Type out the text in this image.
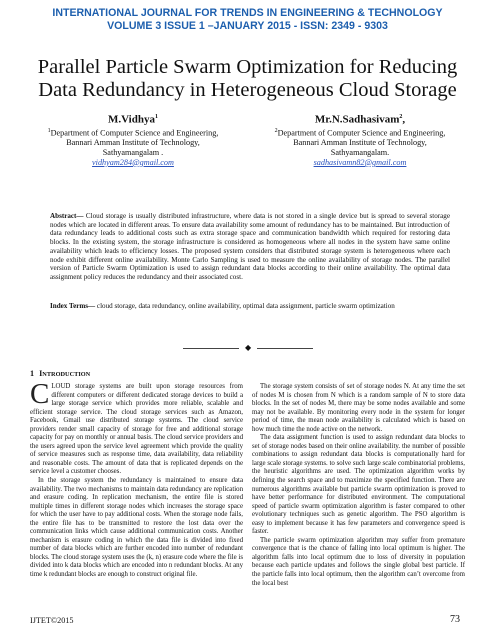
INTERNATIONAL JOURNAL FOR TRENDS IN ENGINEERING & TECHNOLOGY
VOLUME 3 ISSUE 1 –JANUARY 2015 - ISSN: 2349 - 9303
Parallel Particle Swarm Optimization for Reducing Data Redundancy in Heterogeneous Cloud Storage
M.Vidhya$^1$
$^1$Department of Computer Science and Engineering,
Bannari Amman Institute of Technology,
Sathyamangalam .
vidhyam284@gmail.com
Mr.N.Sadhasivam$^2$,
$^2$Department of Computer Science and Engineering,
Bannari Amman Institute of Technology,
Sathyamangalam.
sadhasivamn82@gmail.com
Abstract— Cloud storage is usually distributed infrastructure, where data is not stored in a single device but is spread to several storage nodes which are located in different areas. To ensure data availability some amount of redundancy has to be maintained. But introduction of data redundancy leads to additional costs such as extra storage space and communication bandwidth which required for restoring data blocks. In the existing system, the storage infrastructure is considered as homogeneous where all nodes in the system have same online availability which leads to efficiency losses. The proposed system considers that distributed storage system is heterogeneous where each node exhibit different online availability. Monte Carlo Sampling is used to measure the online availability of storage nodes. The parallel version of Particle Swarm Optimization is used to assign redundant data blocks according to their online availability. The optimal data assignment policy reduces the redundancy and their associated cost.
Index Terms— cloud storage, data redundancy, online availability, optimal data assignment, particle swarm optimization
◆
1 INTRODUCTION

CLOUD storage systems are built upon storage resources from different computers or different dedicated storage devices to build a large storage service which provides more reliable, scalable and efficient storage service. The cloud storage services such as Amazon, Facebook, Gmail use distributed storage systems. The cloud service providers render small capacity of storage for free and additional storage capacity for pay on monthly or annual basis. The cloud service providers and the users agreed upon the service level agreement which provide the quality of service measures such as response time, data availability, data reliability and reasonable costs. The amount of data that is replicated depends on the service level a customer chooses.

In the storage system the redundancy is maintained to ensure data availability. The two mechanisms to maintain data redundancy are replication and erasure coding. In replication mechanism, the entire file is stored multiple times in different storage nodes which increases the storage space for which the user have to pay additional costs. When the storage node fails, the entire file has to be transmitted to restore the lost data over the communication links which cause additional communication costs. Another mechanism is erasure coding in which the data file is divided into fixed number of data blocks which are further encoded into number of redundant blocks. The cloud storage system uses the (k, n) erasure code where the file is divided into k data blocks which are encoded into n redundant blocks. At any time k redundant blocks are enough to construct original file.

The storage system consists of set of storage nodes N. At any time the set of nodes M is chosen from N which is a random sample of N to store data blocks. In the set of nodes M, there may be some nodes available and some may not be available. By monitoring every node in the system for longer period of time, the mean node availability is calculated which is based on how much time the node active on the network.

The data assignment function is used to assign redundant data blocks to set of storage nodes based on their online availability. the number of possible combinations to assign redundant data blocks is computationally hard for large scale storage systems. to solve such large scale combinatorial problems, the heuristic algorithms are used. The optimization algorithm works by defining the search space and to maximize the specified function. There are numerous algorithms available but particle swarm optimization is proved to have better performance for distributed environment. The computational speed of particle swarm optimization algorithm is faster compared to other evolutionary techniques such as genetic algorithm. The PSO algorithm is easy to implement because it has few parameters and convergence speed is faster.

The particle swarm optimization algorithm may suffer from premature convergence that is the chance of falling into local optimum is higher. The algorithm falls into local optimum due to loss of diversity in population because each particle updates and follows the single global best particle. If the particle falls into local optimum, then the algorithm can’t overcome from the local best

IJTET©2015	73
